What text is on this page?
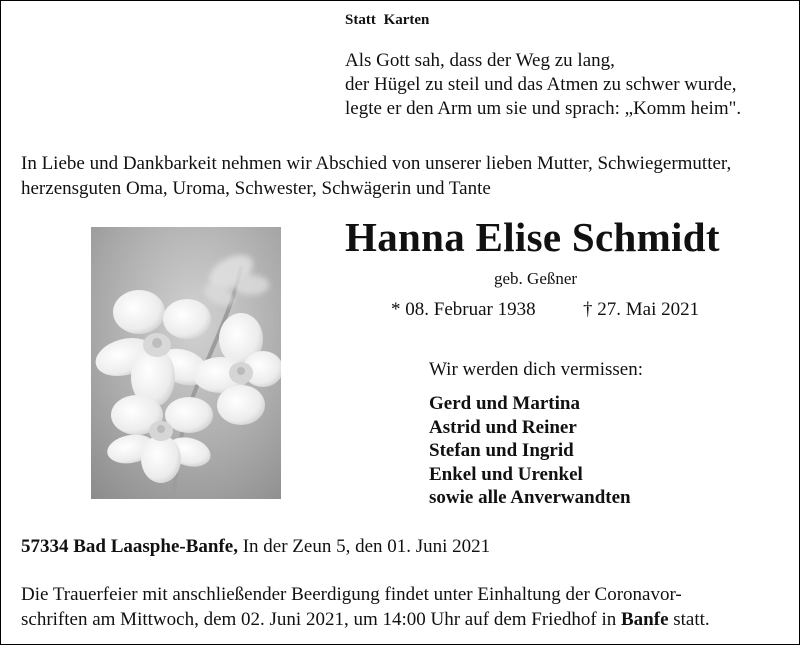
Statt Karten
Als Gott sah, dass der Weg zu lang,
der Hügel zu steil und das Atmen zu schwer wurde,
legte er den Arm um sie und sprach: „Komm heim".
In Liebe und Dankbarkeit nehmen wir Abschied von unserer lieben Mutter, Schwiegermutter,
herzensguten Oma, Uroma, Schwester, Schwägerin und Tante
Hanna Elise Schmidt
geb. Geßner
* 08. Februar 1938 † 27. Mai 2021
Wir werden dich vermissen:
Gerd und Martina
Astrid und Reiner
Stefan und Ingrid
Enkel und Urenkel
sowie alle Anverwandten
57334 Bad Laasphe-Banfe, In der Zeun 5, den 01. Juni 2021
Die Trauerfeier mit anschließender Beerdigung findet unter Einhaltung der Coronavor-
schriften am Mittwoch, dem 02. Juni 2021, um 14:00 Uhr auf dem Friedhof in Banfe statt.
